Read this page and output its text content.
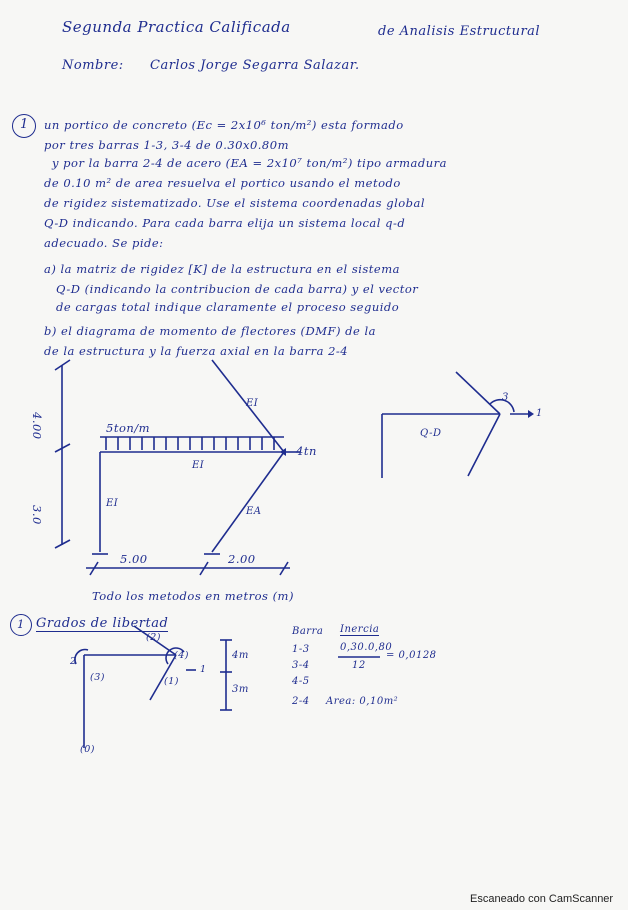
Segunda Practica Calificada	de Analisis Estructural
Nombre: Carlos Jorge Segarra Salazar.
1 un portico de concreto (Ec = 2x10⁶ ton/m²) esta formado
por tres barras 1-3, 3-4 de 0.30x0.80m
y por la barra 2-4 de acero (EA = 2x10⁷ ton/m²) tipo armadura
de 0.10 m² de area resuelva el portico usando el metodo
de rigidez sistematizado. Use el sistema coordenadas global
Q-D indicando. Para cada barra elija un sistema local q-d
adecuado. Se pide:
a) la matriz de rigidez [K] de la estructura en el sistema
Q-D (indicando la contribucion de cada barra) y el vector
de cargas total indique claramente el proceso seguido
b) el diagrama de momento de flectores (DMF) de la
de la estructura y la fuerza axial en la barra 2-4
5ton/m
4.00
3.0
5.00	2.00
4tn
EI
EI
EI
EA
Q-D
3
1
Todo los metodos en metros (m)
1 Grados de libertad
(3)
(2)
(1)
2
(4)
1
(0)
4m
3m
Barra Inercia
1-3
3-4
4-5
2-4
0,30.0,80
12
= 0,0128
Area: 0,10m²
Escaneado con CamScanner
